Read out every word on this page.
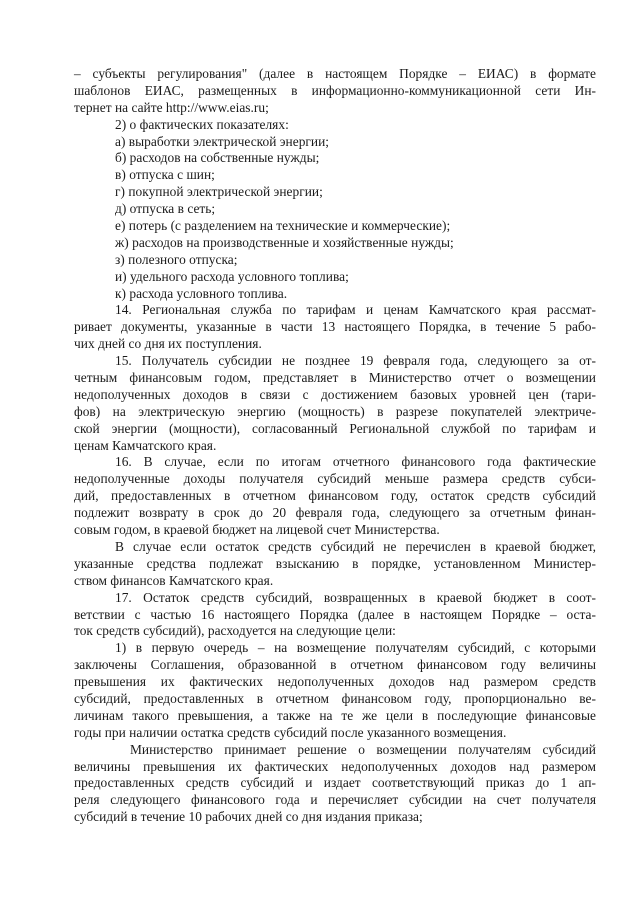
– субъекты регулирования" (далее в настоящем Порядке – ЕИАС) в формате
шаблонов ЕИАС, размещенных в информационно-коммуникационной сети Ин-
тернет на сайте http://www.eias.ru;
2) о фактических показателях:
а) выработки электрической энергии;
б) расходов на собственные нужды;
в) отпуска с шин;
г) покупной электрической энергии;
д) отпуска в сеть;
е) потерь (с разделением на технические и коммерческие);
ж) расходов на производственные и хозяйственные нужды;
з) полезного отпуска;
и) удельного расхода условного топлива;
к) расхода условного топлива.
14. Региональная служба по тарифам и ценам Камчатского края рассмат-
ривает документы, указанные в части 13 настоящего Порядка, в течение 5 рабо-
чих дней со дня их поступления.
15. Получатель субсидии не позднее 19 февраля года, следующего за от-
четным финансовым годом, представляет в Министерство отчет о возмещении
недополученных доходов в связи с достижением базовых уровней цен (тари-
фов) на электрическую энергию (мощность) в разрезе покупателей электриче-
ской энергии (мощности), согласованный Региональной службой по тарифам и
ценам Камчатского края.
16. В случае, если по итогам отчетного финансового года фактические
недополученные доходы получателя субсидий меньше размера средств субси-
дий, предоставленных в отчетном финансовом году, остаток средств субсидий
подлежит возврату в срок до 20 февраля года, следующего за отчетным финан-
совым годом, в краевой бюджет на лицевой счет Министерства.
В случае если остаток средств субсидий не перечислен в краевой бюджет,
указанные средства подлежат взысканию в порядке, установленном Министер-
ством финансов Камчатского края.
17. Остаток средств субсидий, возвращенных в краевой бюджет в соот-
ветствии с частью 16 настоящего Порядка (далее в настоящем Порядке – оста-
ток средств субсидий), расходуется на следующие цели:
1) в первую очередь – на возмещение получателям субсидий, с которыми
заключены Соглашения, образованной в отчетном финансовом году величины
превышения их фактических недополученных доходов над размером средств
субсидий, предоставленных в отчетном финансовом году, пропорционально ве-
личинам такого превышения, а также на те же цели в последующие финансовые
годы при наличии остатка средств субсидий после указанного возмещения.
Министерство принимает решение о возмещении получателям субсидий
величины превышения их фактических недополученных доходов над размером
предоставленных средств субсидий и издает соответствующий приказ до 1 ап-
реля следующего финансового года и перечисляет субсидии на счет получателя
субсидий в течение 10 рабочих дней со дня издания приказа;
